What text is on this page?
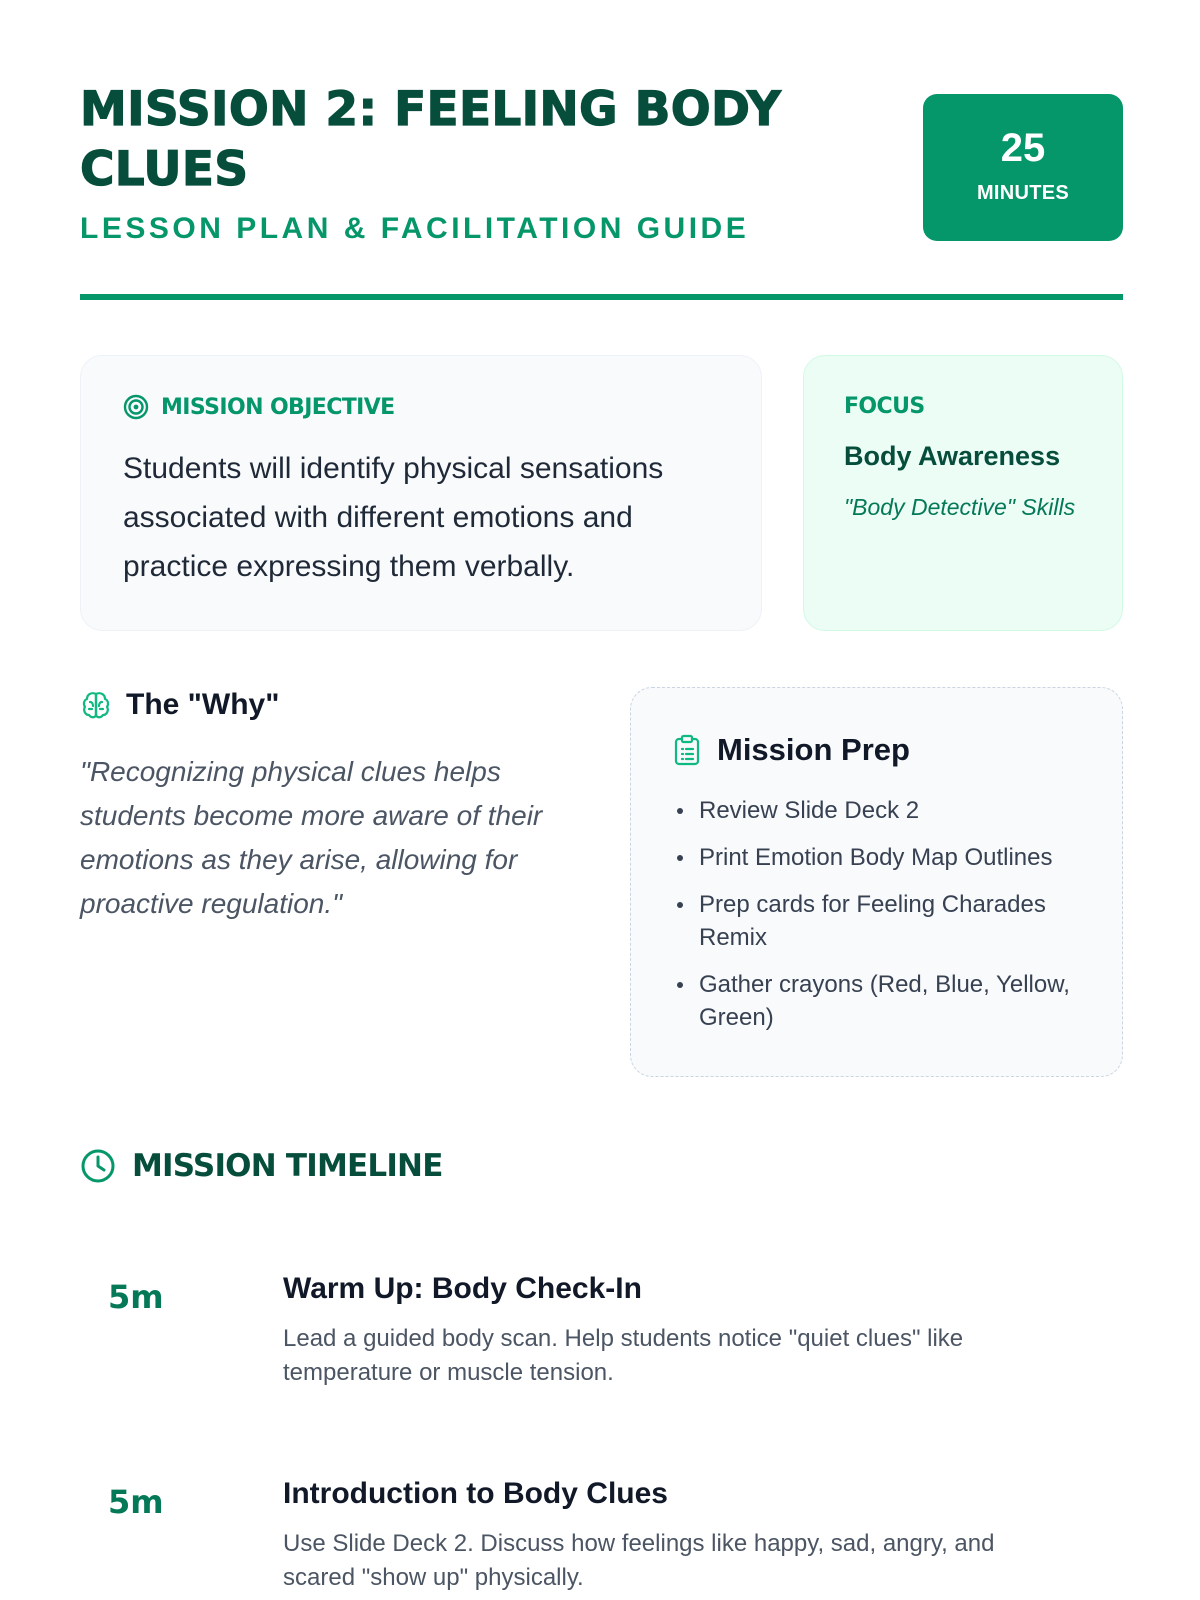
MISSION 2: FEELING BODY CLUES

LESSON PLAN & FACILITATION GUIDE

25
MINUTES

MISSION OBJECTIVE

Students will identify physical sensations associated with different emotions and practice expressing them verbally.

FOCUS

Body Awareness

"Body Detective" Skills

The "Why"

"Recognizing physical clues helps students become more aware of their emotions as they arise, allowing for proactive regulation."

Mission Prep
Review Slide Deck 2
Print Emotion Body Map Outlines
Prep cards for Feeling Charades Remix
Gather crayons (Red, Blue, Yellow, Green)
MISSION TIMELINE
5m	Warm Up: Body Check-In

Lead a guided body scan. Help students notice "quiet clues" like temperature or muscle tension.

5m	Introduction to Body Clues

Use Slide Deck 2. Discuss how feelings like happy, sad, angry, and scared "show up" physically.
